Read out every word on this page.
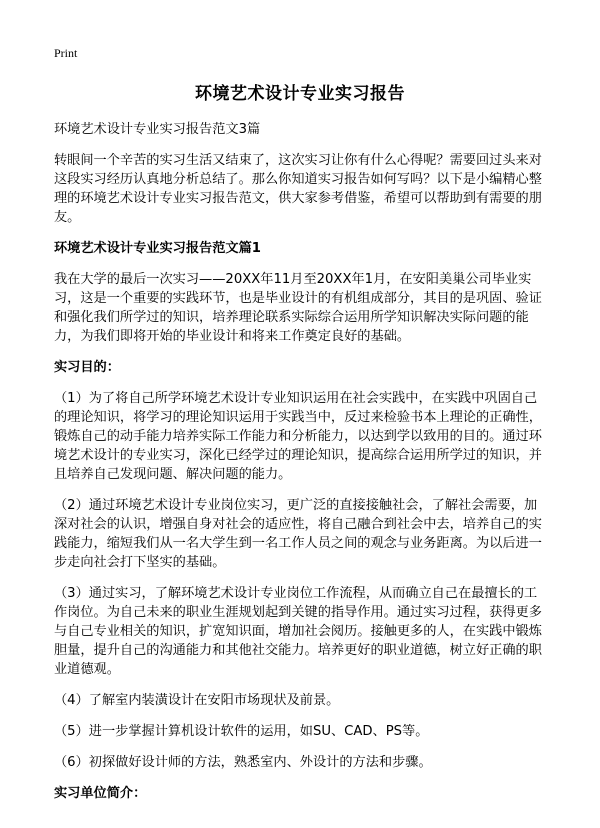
Print
环境艺术设计专业实习报告

环境艺术设计专业实习报告范文3篇

转眼间一个辛苦的实习生活又结束了，这次实习让你有什么心得呢？需要回过头来对这段实习经历认真地分析总结了。那么你知道实习报告如何写吗？以下是小编精心整理的环境艺术设计专业实习报告范文，供大家参考借鉴，希望可以帮助到有需要的朋友。

环境艺术设计专业实习报告范文篇1

我在大学的最后一次实习——20XX年11月至20XX年1月，在安阳美巢公司毕业实习，这是一个重要的实践环节，也是毕业设计的有机组成部分，其目的是巩固、验证和强化我们所学过的知识，培养理论联系实际综合运用所学知识解决实际问题的能力，为我们即将开始的毕业设计和将来工作奠定良好的基础。

实习目的：

（1）为了将自己所学环境艺术设计专业知识运用在社会实践中，在实践中巩固自己的理论知识，将学习的理论知识运用于实践当中，反过来检验书本上理论的正确性，锻炼自己的动手能力培养实际工作能力和分析能力，以达到学以致用的目的。通过环境艺术设计的专业实习，深化已经学过的理论知识，提高综合运用所学过的知识，并且培养自己发现问题、解决问题的能力。

（2）通过环境艺术设计专业岗位实习，更广泛的直接接触社会，了解社会需要，加深对社会的认识，增强自身对社会的适应性，将自己融合到社会中去，培养自己的实践能力，缩短我们从一名大学生到一名工作人员之间的观念与业务距离。为以后进一步走向社会打下坚实的基础。

（3）通过实习，了解环境艺术设计专业岗位工作流程，从而确立自己在最擅长的工作岗位。为自己未来的职业生涯规划起到关键的指导作用。通过实习过程，获得更多与自己专业相关的知识，扩宽知识面，增加社会阅历。接触更多的人，在实践中锻炼胆量，提升自己的沟通能力和其他社交能力。培养更好的职业道德，树立好正确的职业道德观。

（4）了解室内装潢设计在安阳市场现状及前景。

（5）进一步掌握计算机设计软件的运用，如SU、CAD、PS等。

（6）初探做好设计师的方法，熟悉室内、外设计的方法和步骤。

实习单位简介：
